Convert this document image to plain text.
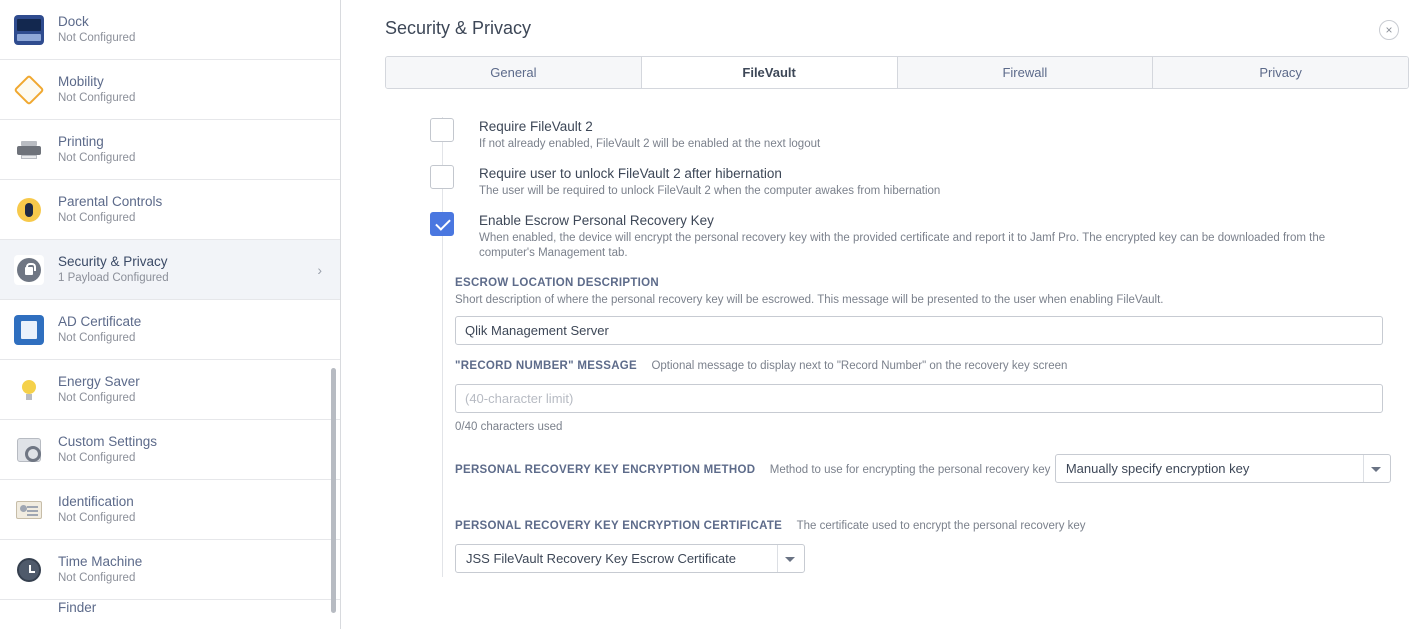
Dock
Not Configured
Mobility
Not Configured
Printing
Not Configured
Parental Controls
Not Configured
Security & Privacy
1 Payload Configured	›
AD Certificate
Not Configured
Energy Saver
Not Configured
Custom Settings
Not Configured
Identification
Not Configured
Time Machine
Not Configured
Finder
Security & Privacy	×
General	FileVault	Firewall	Privacy
Require FileVault 2
If not already enabled, FileVault 2 will be enabled at the next logout
Require user to unlock FileVault 2 after hibernation
The user will be required to unlock FileVault 2 when the computer awakes from hibernation
Enable Escrow Personal Recovery Key
When enabled, the device will encrypt the personal recovery key with the provided certificate and report it to Jamf Pro. The encrypted key can be downloaded from the computer's Management tab.
ESCROW LOCATION DESCRIPTION
Short description of where the personal recovery key will be escrowed. This message will be presented to the user when enabling FileVault.
Qlik Management Server
"RECORD NUMBER" MESSAGE Optional message to display next to "Record Number" on the recovery key screen (40-character limit)
0/40 characters used
PERSONAL RECOVERY KEY ENCRYPTION METHOD Method to use for encrypting the personal recovery key	Manually specify encryption key
PERSONAL RECOVERY KEY ENCRYPTION CERTIFICATE The certificate used to encrypt the personal recovery key
JSS FileVault Recovery Key Escrow Certificate
